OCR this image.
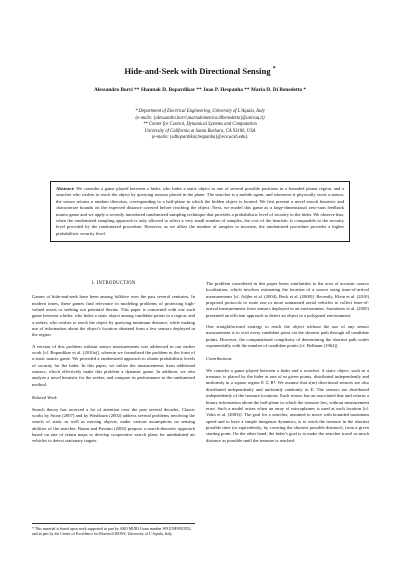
Hide-and-Seek with Directional Sensing *
Alessandro Borri ** Shaunak D. Bopardikar ** Joao P. Hespanha ** Maria D. Di Benedetto *
* Department of Electrical Engineering, University of L'Aquila, Italy
(e-mails: {alessandro.borri,mariadomenica.dibenedetto}@univaq.it)
** Center for Control, Dynamical Systems and Computation
University of California at Santa Barbara, CA 93106, USA
(e-mails: {sdbopardikar,hespanha}@ece.ucsb.edu).
Abstract: We consider a game played between a hider, who hides a static object in one of several possible positions in a bounded planar region, and a searcher who wishes to reach the object by querying sensors placed in the plane. The searcher is a mobile agent, and whenever it physically visits a sensor, the sensor returns a random direction, corresponding to a half-plane in which the hidden object is located. We first present a novel search heuristic and characterize bounds on the expected distance covered before reaching the object. Next, we model this game as a large-dimensional zero-sum feedback matrix game and we apply a recently introduced randomized sampling technique that provides a probabilistic level of security to the hider. We observe that, when the randomized sampling approach is only allowed to select a very small number of samples, the cost of the heuristic is comparable to the security level provided by the randomized procedure. However, as we allow the number of samples to increase, the randomized procedure provides a higher probabilistic security level.
1. INTRODUCTION

Games of hide-and-seek have been among folklore over the past several centuries. In modern times, these games find relevance in modeling problems of protecting high-valued assets or seeking out potential threats. This paper is concerned with one such game between a hider, who hides a static object among candidate points in a region, and a seeker, who wishes to reach the object by querying minimum distance, while making use of information about the object's location obtained from a few sensors deployed in the region.

A version of this problem without sensor measurements was addressed in our earlier work [cf. Bopardikar et al. (2010a)], wherein we formalized the problem in the form of a static matrix game. We provided a randomized approach to obtain probabilistic levels of security for the hider. In this paper, we utilize the measurements from additional sensors, which effectively make this problem a dynamic game. In addition, we also analyze a novel heuristic for the seeker, and compare its performance to the randomized method.

Related Work

Search theory has received a lot of attention over the past several decades. Classic works by Stone (2007) and by Washburn (2002) address several problems involving the search of static as well as moving objects, under various assumptions on sensing abilities of the searcher. Baum and Passino (2002) propose a search-theoretic approach based on rate of return maps to develop cooperative search plans for uninhabited air vehicles to detect stationary targets.

* This material is based upon work supported in part by ARO MURI Grant number W911NF0910553, and in part by the Center of Excellence for Research DEWS, University of L'Aquila, Italy.

The problem considered in this paper bears similarities to the area of acoustic source localization, which involves estimating the location of a source using time-of-arrival measurements [cf. Adjler et al. (2004), Beck et al. (2008)]. Recently, Klein et al. (2010) proposed protocols to route one or more unmanned aerial vehicles to collect time-of-arrival measurements from sensors deployed in an environment. Sarmiento et al. (2005) presented an efficient approach to detect an object in a polygonal environment.

One straightforward strategy to reach the object without the use of any sensor measurement is to visit every candidate point via the shortest path through all candidate points. However, the computational complexity of determining the shortest path scales exponentially with the number of candidate points [cf. Bellman (1962)].

Contributions

We consider a game played between a hider and a searcher. A static object, such as a treasure, is placed by the hider at one of m given points, distributed independently and uniformly in a square region E ⊂ R². We assume that s(m) directional sensors are also distributed independently and uniformly randomly in E. The sensors are distributed independently of the treasure locations. Each sensor has an associated line and returns a binary information about the half-plane in which the treasure lies, without measurement error. Such a model arises when an array of microphones is used at each location [cf. Valin et al. (2003)]. The goal for a searcher, assumed to move with bounded maximum speed and to have a simple integrator dynamics, is to reach the treasure in the shortest possible time (or equivalently, by covering the shortest possible distance), from a given starting point. On the other hand, the hider's goal is to make the searcher travel as much distance as possible until the treasure is reached.
